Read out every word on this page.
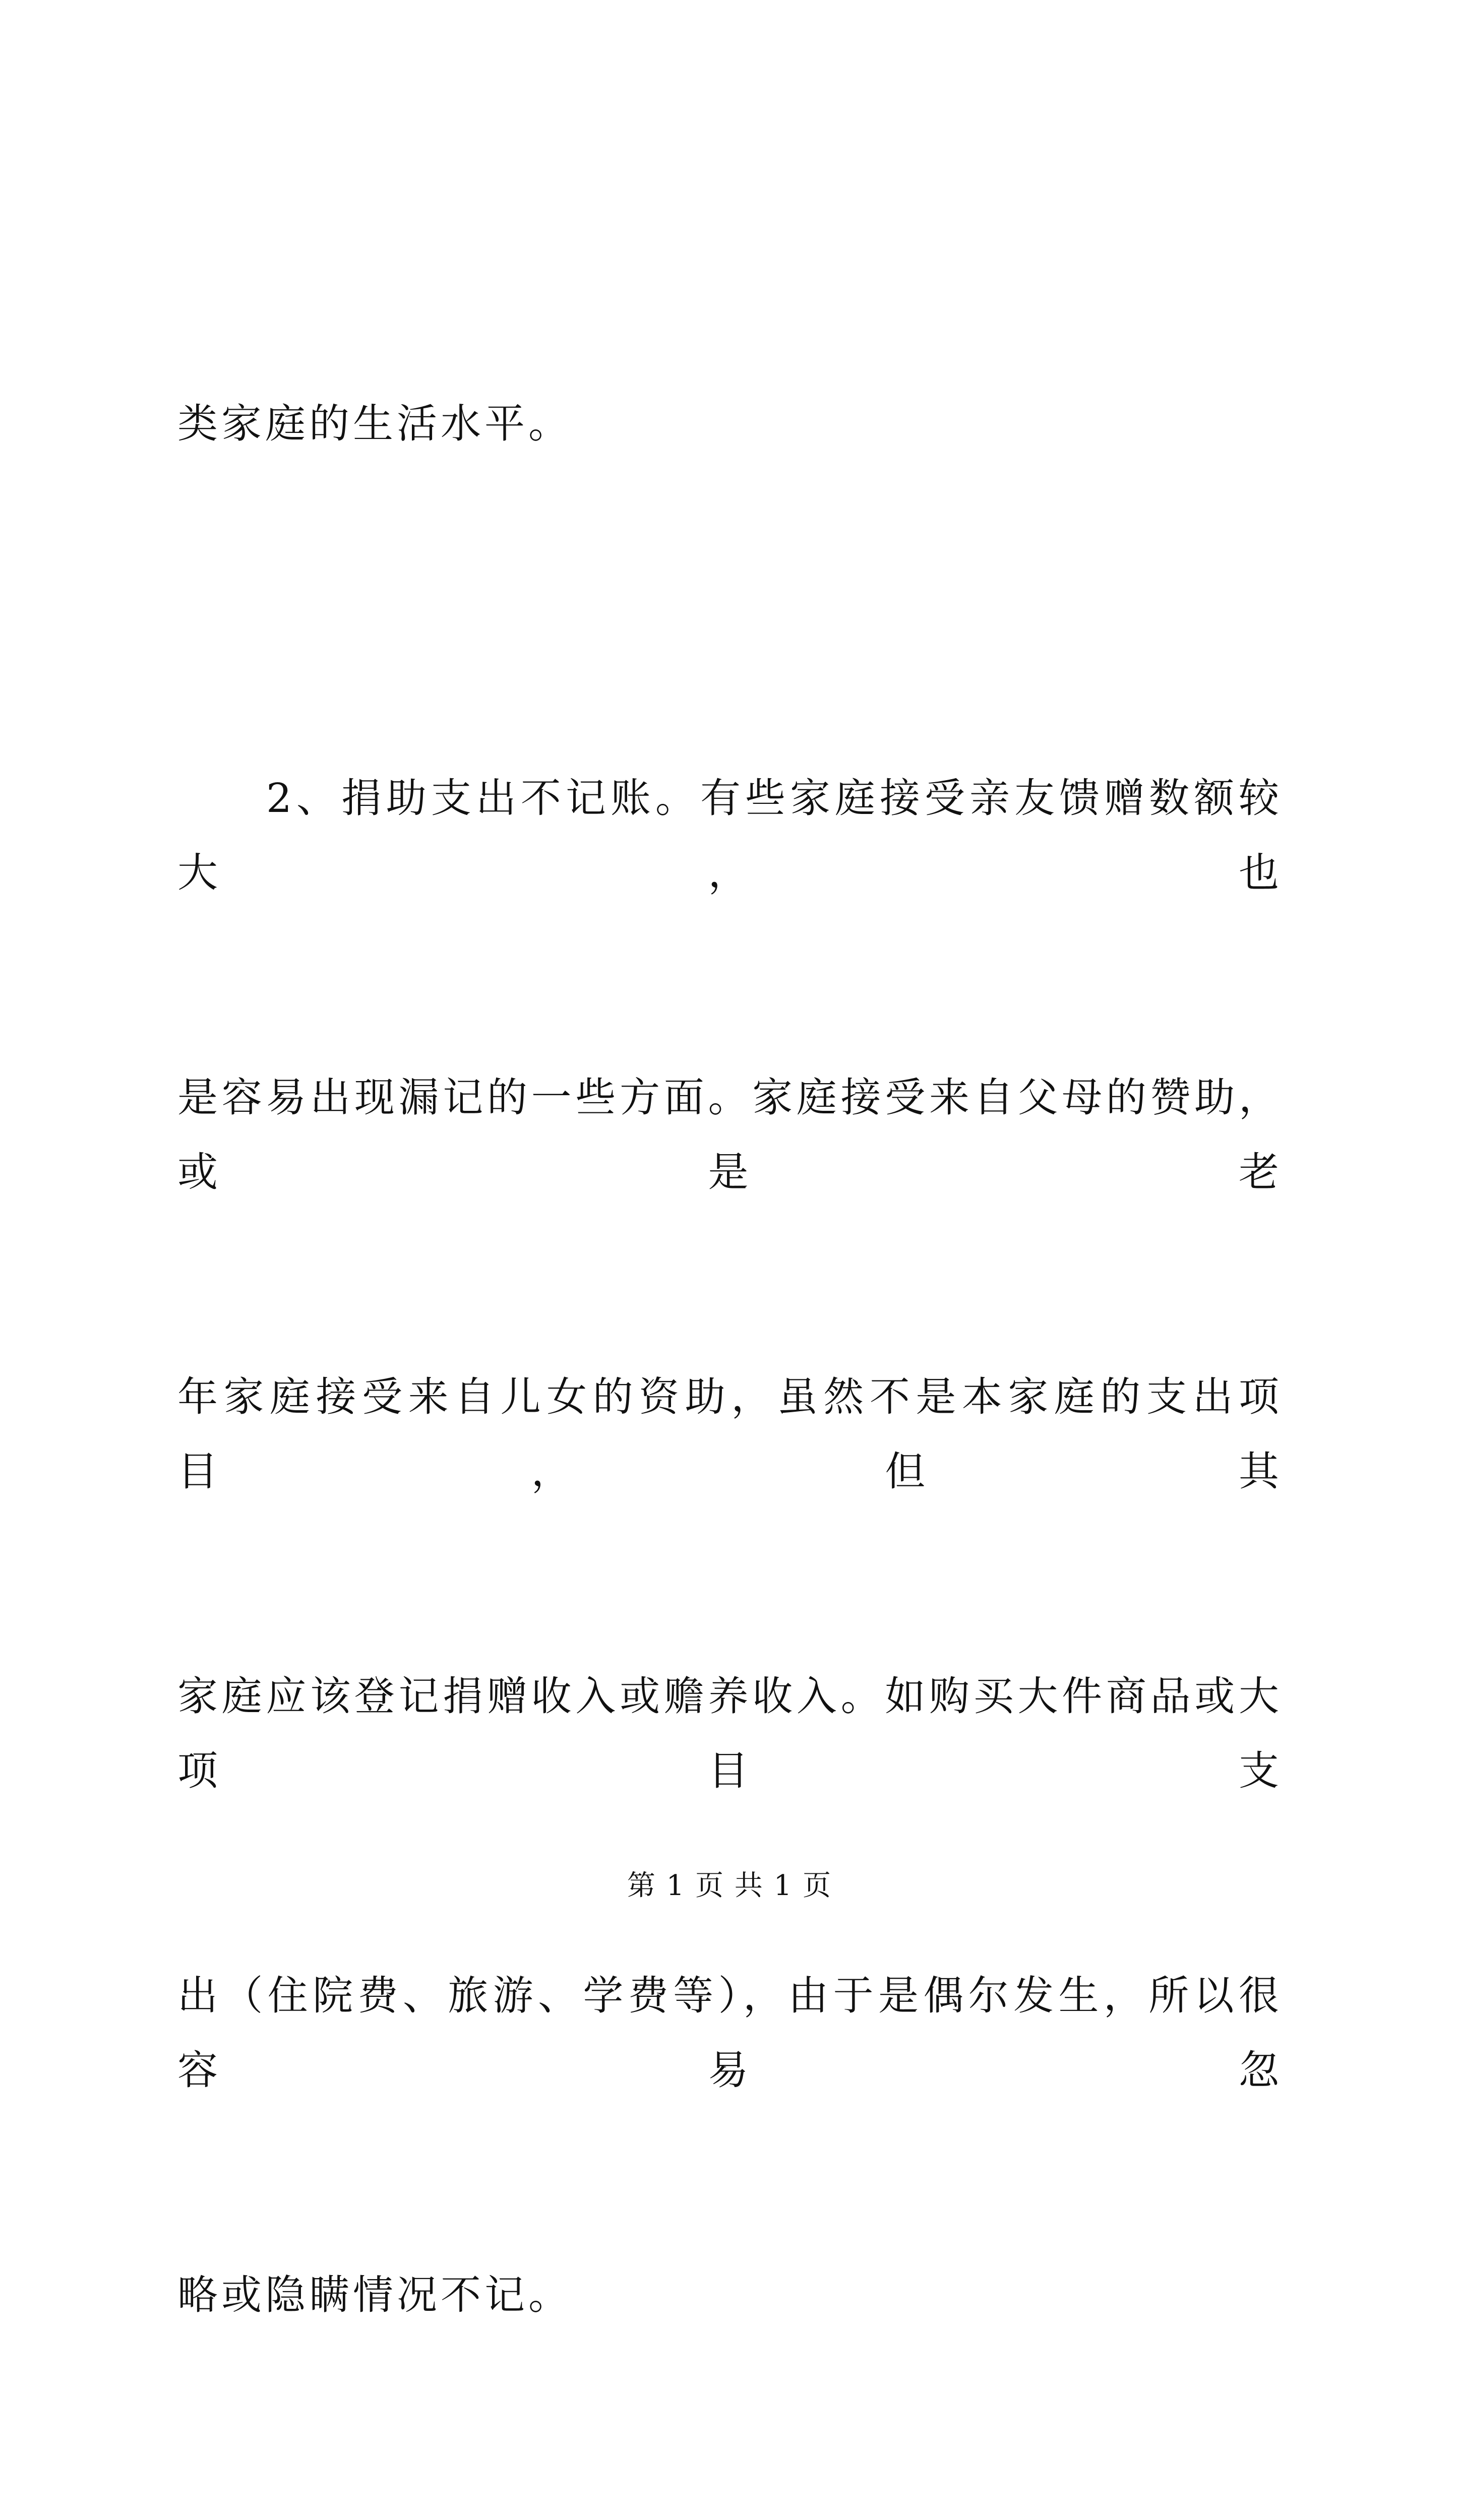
类家庭的生活水平。

2、捐助支出不记账。有些家庭接受亲友馈赠数额较大，也

是容易出现漏记的一些方面。家庭接受来自父母的赞助，或是老

年家庭接受来自儿女的资助，虽然不是本家庭的支出项目，但其

家庭应该登记捐赠收入或赡养收入。如购买大件商品或大项目支

出（住院费、旅游、学费等），由于是偶尔发生，所以很容易忽

略或隐瞒情况不记。

第 1 页 共 1 页
